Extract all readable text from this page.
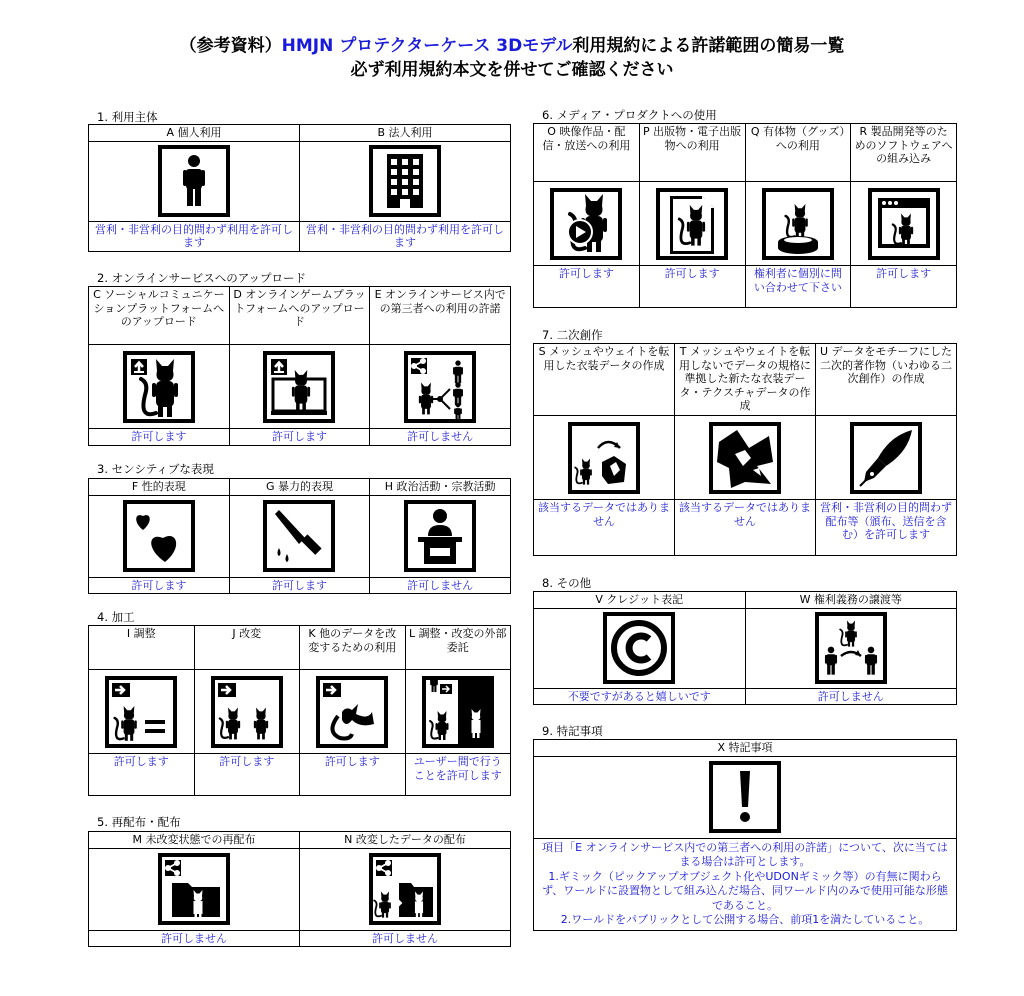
（参考資料）HMJN プロテクターケース 3Dモデル利用規約による許諾範囲の簡易一覧
必ず利用規約本文を併せてご確認ください
1. 利用主体
A 個人利用	B 法人利用

営利・非営利の目的問わず利用を許可します	営利・非営利の目的問わず利用を許可します
2. オンラインサービスへのアップロード
C ソーシャルコミュニケーションプラットフォームへのアップロード	D オンラインゲームプラットフォームへのアップロード	E オンラインサービス内での第三者への利用の許諾

許可します	許可します	許可しません
3. センシティブな表現
F 性的表現	G 暴力的表現	H 政治活動・宗教活動

許可します	許可します	許可しません
4. 加工
I 調整	J 改変	K 他のデータを改変するための利用	L 調整・改変の外部委託

許可します	許可します	許可します	ユーザー間で行うことを許可します
5. 再配布・配布
M 未改変状態での再配布	N 改変したデータの配布

許可しません	許可しません
6. メディア・プロダクトへの使用
O 映像作品・配信・放送への利用	P 出版物・電子出版物への利用	Q 有体物（グッズ）への利用	R 製品開発等のためのソフトウェアへの組み込み

許可します	許可します	権利者に個別に問い合わせて下さい	許可します
7. 二次創作
S メッシュやウェイトを転用した衣装データの作成	T メッシュやウェイトを転用しないでデータの規格に準拠した新たな衣装データ・テクスチャデータの作成	U データをモチーフにした二次的著作物（いわゆる二次創作）の作成

該当するデータではありません	該当するデータではありません	営利・非営利の目的問わず配布等（頒布、送信を含む）を許可します
8. その他
V クレジット表記	W 権利義務の譲渡等

不要ですがあると嬉しいです	許可しません
9. 特記事項
X 特記事項

項目「E オンラインサービス内での第三者への利用の許諾」について、次に当てはまる場合は許可とします。
1.ギミック（ピックアップオブジェクト化やUDONギミック等）の有無に関わらず、ワールドに設置物として組み込んだ場合、同ワールド内のみで使用可能な形態であること。
2.ワールドをパブリックとして公開する場合、前項1を満たしていること。
